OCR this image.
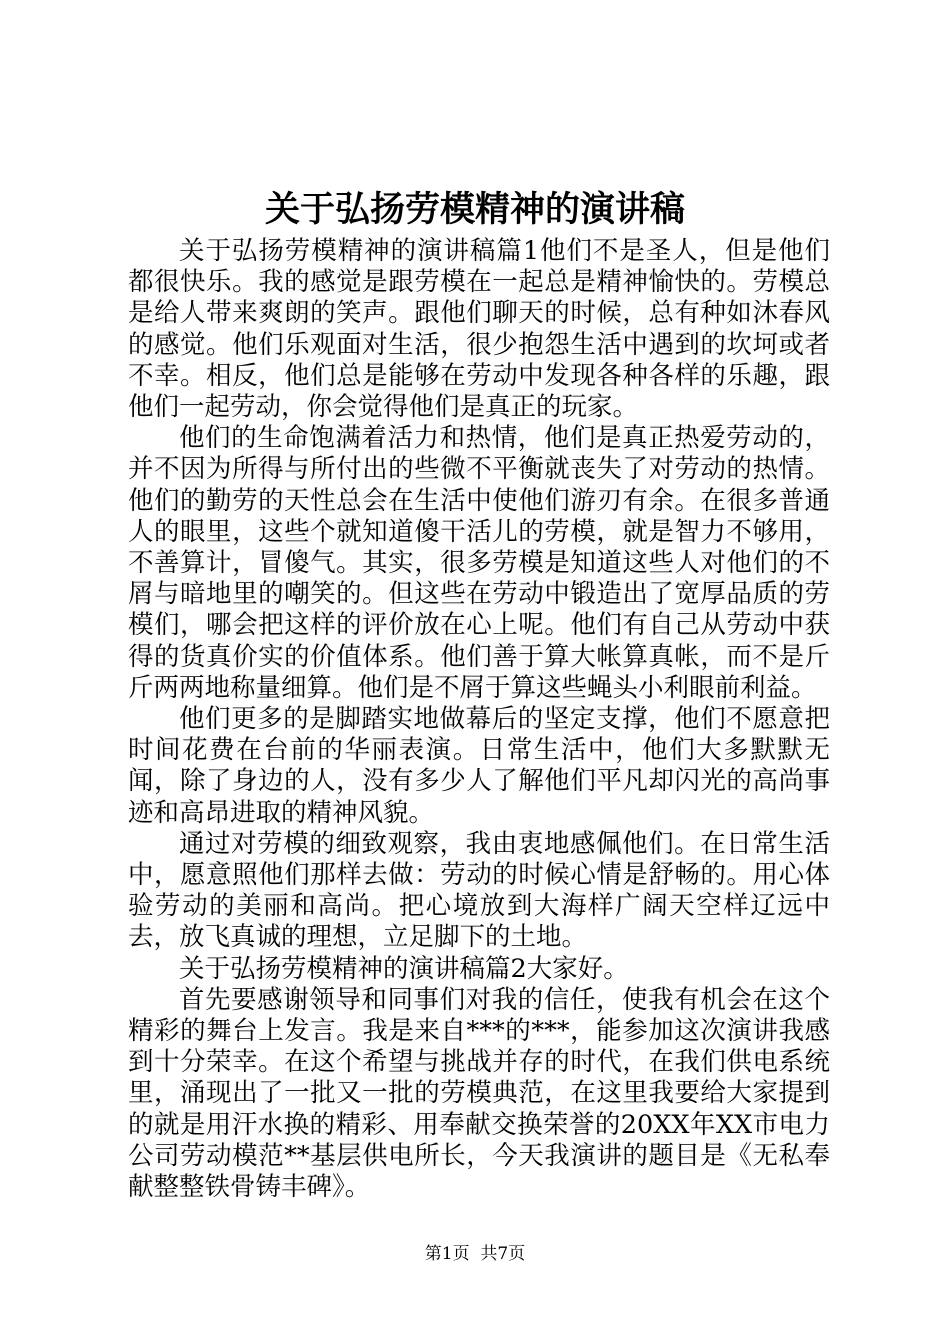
关于弘扬劳模精神的演讲稿

关于弘扬劳模精神的演讲稿篇1他们不是圣人，但是他们都很快乐。我的感觉是跟劳模在一起总是精神愉快的。劳模总是给人带来爽朗的笑声。跟他们聊天的时候，总有种如沐春风的感觉。他们乐观面对生活，很少抱怨生活中遇到的坎坷或者不幸。相反，他们总是能够在劳动中发现各种各样的乐趣，跟他们一起劳动，你会觉得他们是真正的玩家。

他们的生命饱满着活力和热情，他们是真正热爱劳动的，并不因为所得与所付出的些微不平衡就丧失了对劳动的热情。他们的勤劳的天性总会在生活中使他们游刃有余。在很多普通人的眼里，这些个就知道傻干活儿的劳模，就是智力不够用，不善算计，冒傻气。其实，很多劳模是知道这些人对他们的不屑与暗地里的嘲笑的。但这些在劳动中锻造出了宽厚品质的劳模们，哪会把这样的评价放在心上呢。他们有自己从劳动中获得的货真价实的价值体系。他们善于算大帐算真帐，而不是斤斤两两地称量细算。他们是不屑于算这些蝇头小利眼前利益。

他们更多的是脚踏实地做幕后的坚定支撑，他们不愿意把时间花费在台前的华丽表演。日常生活中，他们大多默默无闻，除了身边的人，没有多少人了解他们平凡却闪光的高尚事迹和高昂进取的精神风貌。

通过对劳模的细致观察，我由衷地感佩他们。在日常生活中，愿意照他们那样去做：劳动的时候心情是舒畅的。用心体验劳动的美丽和高尚。把心境放到大海样广阔天空样辽远中去，放飞真诚的理想，立足脚下的土地。

关于弘扬劳模精神的演讲稿篇2大家好。

首先要感谢领导和同事们对我的信任，使我有机会在这个精彩的舞台上发言。我是来自***的***，能参加这次演讲我感到十分荣幸。在这个希望与挑战并存的时代，在我们供电系统里，涌现出了一批又一批的劳模典范，在这里我要给大家提到的就是用汗水换的精彩、用奉献交换荣誉的20XX年XX市电力公司劳动模范**基层供电所长，今天我演讲的题目是《无私奉献整整铁骨铸丰碑》。

第1页 共7页
